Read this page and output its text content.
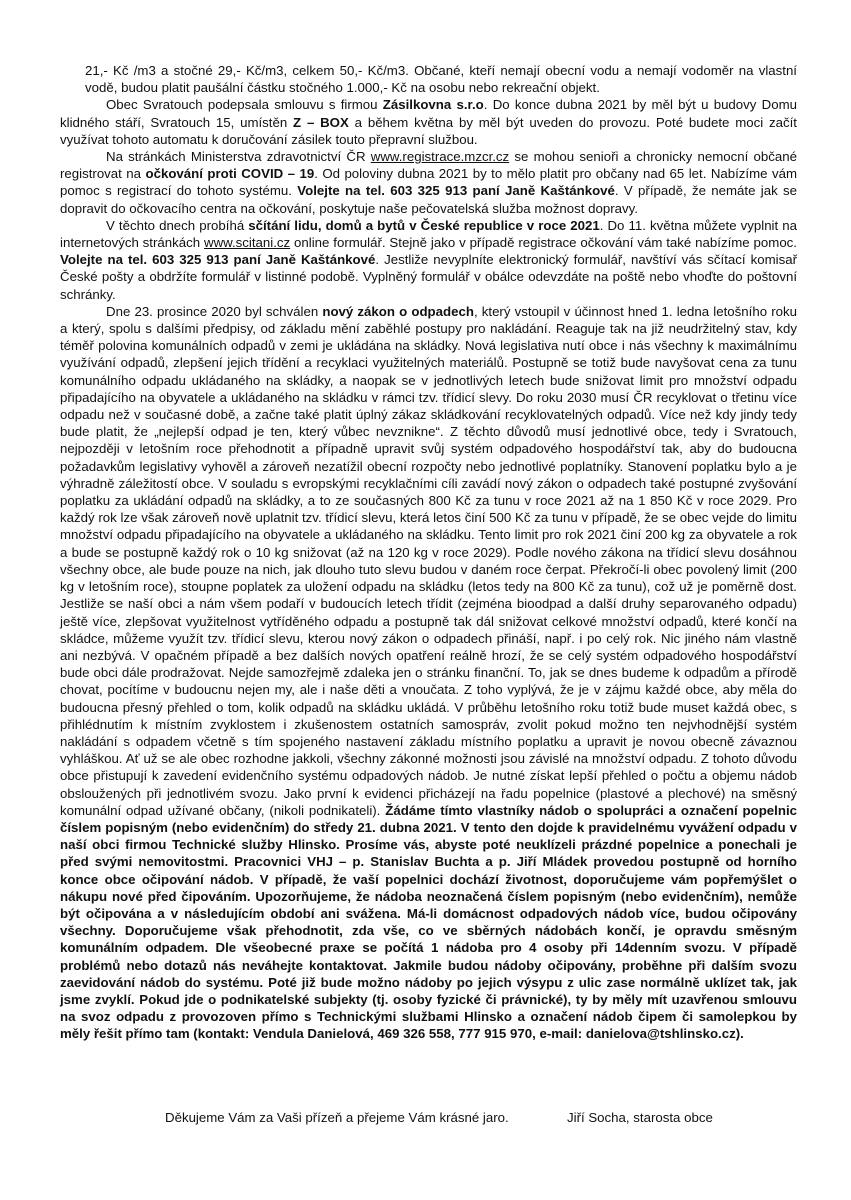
21,- Kč /m3 a stočné 29,- Kč/m3, celkem 50,- Kč/m3. Občané, kteří nemají obecní vodu a nemají vodoměr na vlastní vodě, budou platit paušální částku stočného 1.000,- Kč na osobu nebo rekreační objekt.

Obec Svratouch podepsala smlouvu s firmou Zásilkovna s.r.o. Do konce dubna 2021 by měl být u budovy Domu klidného stáří, Svratouch 15, umístěn Z – BOX a během května by měl být uveden do provozu. Poté budete moci začít využívat tohoto automatu k doručování zásilek touto přepravní službou.

Na stránkách Ministerstva zdravotnictví ČR www.registrace.mzcr.cz se mohou senioři a chronicky nemocní občané registrovat na očkování proti COVID – 19. Od poloviny dubna 2021 by to mělo platit pro občany nad 65 let. Nabízíme vám pomoc s registrací do tohoto systému. Volejte na tel. 603 325 913 paní Janě Kaštánkové. V případě, že nemáte jak se dopravit do očkovacího centra na očkování, poskytuje naše pečovatelská služba možnost dopravy.

V těchto dnech probíhá sčítání lidu, domů a bytů v České republice v roce 2021. Do 11. května můžete vyplnit na internetových stránkách www.scitani.cz online formulář. Stejně jako v případě registrace očkování vám také nabízíme pomoc. Volejte na tel. 603 325 913 paní Janě Kaštánkové. Jestliže nevyplníte elektronický formulář, navštíví vás sčítací komisař České pošty a obdržíte formulář v listinné podobě. Vyplněný formulář v obálce odevzdáte na poště nebo vhoďte do poštovní schránky.

Dne 23. prosince 2020 byl schválen nový zákon o odpadech, který vstoupil v účinnost hned 1. ledna letošního roku a který, spolu s dalšími předpisy, od základu mění zaběhlé postupy pro nakládání. Reaguje tak na již neudržitelný stav, kdy téměř polovina komunálních odpadů v zemi je ukládána na skládky. Nová legislativa nutí obce i nás všechny k maximálnímu využívání odpadů, zlepšení jejich třídění a recyklaci využitelných materiálů. Postupně se totiž bude navyšovat cena za tunu komunálního odpadu ukládaného na skládky, a naopak se v jednotlivých letech bude snižovat limit pro množství odpadu připadajícího na obyvatele a ukládaného na skládku v rámci tzv. třídicí slevy. Do roku 2030 musí ČR recyklovat o třetinu více odpadu než v současné době, a začne také platit úplný zákaz skládkování recyklovatelných odpadů. Více než kdy jindy tedy bude platit, že „nejlepší odpad je ten, který vůbec nevznikne“. Z těchto důvodů musí jednotlivé obce, tedy i Svratouch, nejpozději v letošním roce přehodnotit a případně upravit svůj systém odpadového hospodářství tak, aby do budoucna požadavkům legislativy vyhověl a zároveň nezatížil obecní rozpočty nebo jednotlivé poplatníky. Stanovení poplatku bylo a je výhradně záležitostí obce. V souladu s evropskými recyklačními cíli zavádí nový zákon o odpadech také postupné zvyšování poplatku za ukládání odpadů na skládky, a to ze současných 800 Kč za tunu v roce 2021 až na 1 850 Kč v roce 2029. Pro každý rok lze však zároveň nově uplatnit tzv. třídicí slevu, která letos činí 500 Kč za tunu v případě, že se obec vejde do limitu množství odpadu připadajícího na obyvatele a ukládaného na skládku. Tento limit pro rok 2021 činí 200 kg za obyvatele a rok a bude se postupně každý rok o 10 kg snižovat (až na 120 kg v roce 2029). Podle nového zákona na třídicí slevu dosáhnou všechny obce, ale bude pouze na nich, jak dlouho tuto slevu budou v daném roce čerpat. Překročí-li obec povolený limit (200 kg v letošním roce), stoupne poplatek za uložení odpadu na skládku (letos tedy na 800 Kč za tunu), což už je poměrně dost. Jestliže se naší obci a nám všem podaří v budoucích letech třídit (zejména bioodpad a další druhy separovaného odpadu) ještě více, zlepšovat využitelnost vytříděného odpadu a postupně tak dál snižovat celkové množství odpadů, které končí na skládce, můžeme využít tzv. třídicí slevu, kterou nový zákon o odpadech přináší, např. i po celý rok. Nic jiného nám vlastně ani nezbývá. V opačném případě a bez dalších nových opatření reálně hrozí, že se celý systém odpadového hospodářství bude obci dále prodražovat. Nejde samozřejmě zdaleka jen o stránku finanční. To, jak se dnes budeme k odpadům a přírodě chovat, pocítíme v budoucnu nejen my, ale i naše děti a vnoučata. Z toho vyplývá, že je v zájmu každé obce, aby měla do budoucna přesný přehled o tom, kolik odpadů na skládku ukládá. V průběhu letošního roku totiž bude muset každá obec, s přihlédnutím k místním zvyklostem i zkušenostem ostatních samospráv, zvolit pokud možno ten nejvhodnější systém nakládání s odpadem včetně s tím spojeného nastavení základu místního poplatku a upravit je novou obecně závaznou vyhláškou. Ať už se ale obec rozhodne jakkoli, všechny zákonné možnosti jsou závislé na množství odpadu. Z tohoto důvodu obce přistupují k zavedení evidenčního systému odpadových nádob. Je nutné získat lepší přehled o počtu a objemu nádob obsloužených při jednotlivém svozu. Jako první k evidenci přicházejí na řadu popelnice (plastové a plechové) na směsný komunální odpad užívané občany, (nikoli podnikateli). Žádáme tímto vlastníky nádob o spolupráci a označení popelnic číslem popisným (nebo evidenčním) do středy 21. dubna 2021. V tento den dojde k pravidelnému vyvážení odpadu v naší obci firmou Technické služby Hlinsko. Prosíme vás, abyste poté neuklízeli prázdné popelnice a ponechali je před svými nemovitostmi. Pracovnici VHJ – p. Stanislav Buchta a p. Jiří Mládek provedou postupně od horního konce obce očipování nádob. V případě, že vaší popelnici dochází životnost, doporučujeme vám popřemýšlet o nákupu nové před čipováním. Upozorňujeme, že nádoba neoznačená číslem popisným (nebo evidenčním), nemůže být očipována a v následujícím období ani svážena. Má-li domácnost odpadových nádob více, budou očipovány všechny. Doporučujeme však přehodnotit, zda vše, co ve sběrných nádobách končí, je opravdu směsným komunálním odpadem. Dle všeobecné praxe se počítá 1 nádoba pro 4 osoby při 14denním svozu. V případě problémů nebo dotazů nás neváhejte kontaktovat. Jakmile budou nádoby očipovány, proběhne při dalším svozu zaevidování nádob do systému. Poté již bude možno nádoby po jejich výsypu z ulic zase normálně uklízet tak, jak jsme zvyklí. Pokud jde o podnikatelské subjekty (tj. osoby fyzické či právnické), ty by měly mít uzavřenou smlouvu na svoz odpadu z provozoven přímo s Technickými službami Hlinsko a označení nádob čipem či samolepkou by měly řešit přímo tam (kontakt: Vendula Danielová, 469 326 558, 777 915 970, e-mail: danielova@tshlinsko.cz).

Děkujeme Vám za Vaši přízeň a přejeme Vám krásné jaro.	Jiří Socha, starosta obce
